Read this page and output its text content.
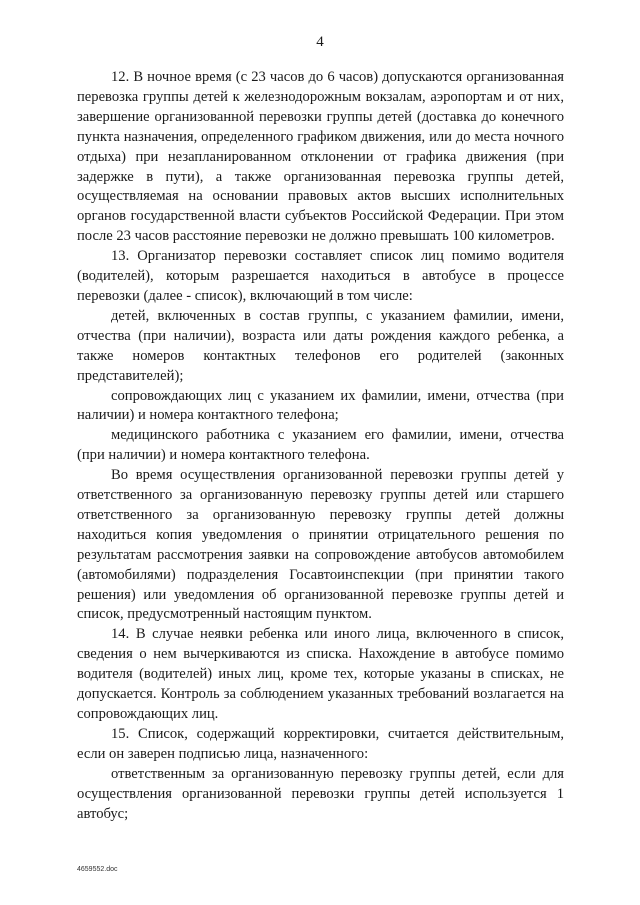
4

12. В ночное время (с 23 часов до 6 часов) допускаются организованная перевозка группы детей к железнодорожным вокзалам, аэропортам и от них, завершение организованной перевозки группы детей (доставка до конечного пункта назначения, определенного графиком движения, или до места ночного отдыха) при незапланированном отклонении от графика движения (при задержке в пути), а также организованная перевозка группы детей, осуществляемая на основании правовых актов высших исполнительных органов государственной власти субъектов Российской Федерации. При этом после 23 часов расстояние перевозки не должно превышать 100 километров.

13. Организатор перевозки составляет список лиц помимо водителя (водителей), которым разрешается находиться в автобусе в процессе перевозки (далее - список), включающий в том числе:

детей, включенных в состав группы, с указанием фамилии, имени, отчества (при наличии), возраста или даты рождения каждого ребенка, а также номеров контактных телефонов его родителей (законных представителей);

сопровождающих лиц с указанием их фамилии, имени, отчества (при наличии) и номера контактного телефона;

медицинского работника с указанием его фамилии, имени, отчества (при наличии) и номера контактного телефона.

Во время осуществления организованной перевозки группы детей у ответственного за организованную перевозку группы детей или старшего ответственного за организованную перевозку группы детей должны находиться копия уведомления о принятии отрицательного решения по результатам рассмотрения заявки на сопровождение автобусов автомобилем (автомобилями) подразделения Госавтоинспекции (при принятии такого решения) или уведомления об организованной перевозке группы детей и список, предусмотренный настоящим пунктом.

14. В случае неявки ребенка или иного лица, включенного в список, сведения о нем вычеркиваются из списка. Нахождение в автобусе помимо водителя (водителей) иных лиц, кроме тех, которые указаны в списках, не допускается. Контроль за соблюдением указанных требований возлагается на сопровождающих лиц.

15. Список, содержащий корректировки, считается действительным, если он заверен подписью лица, назначенного:

ответственным за организованную перевозку группы детей, если для осуществления организованной перевозки группы детей используется 1 автобус;

4659552.doc
